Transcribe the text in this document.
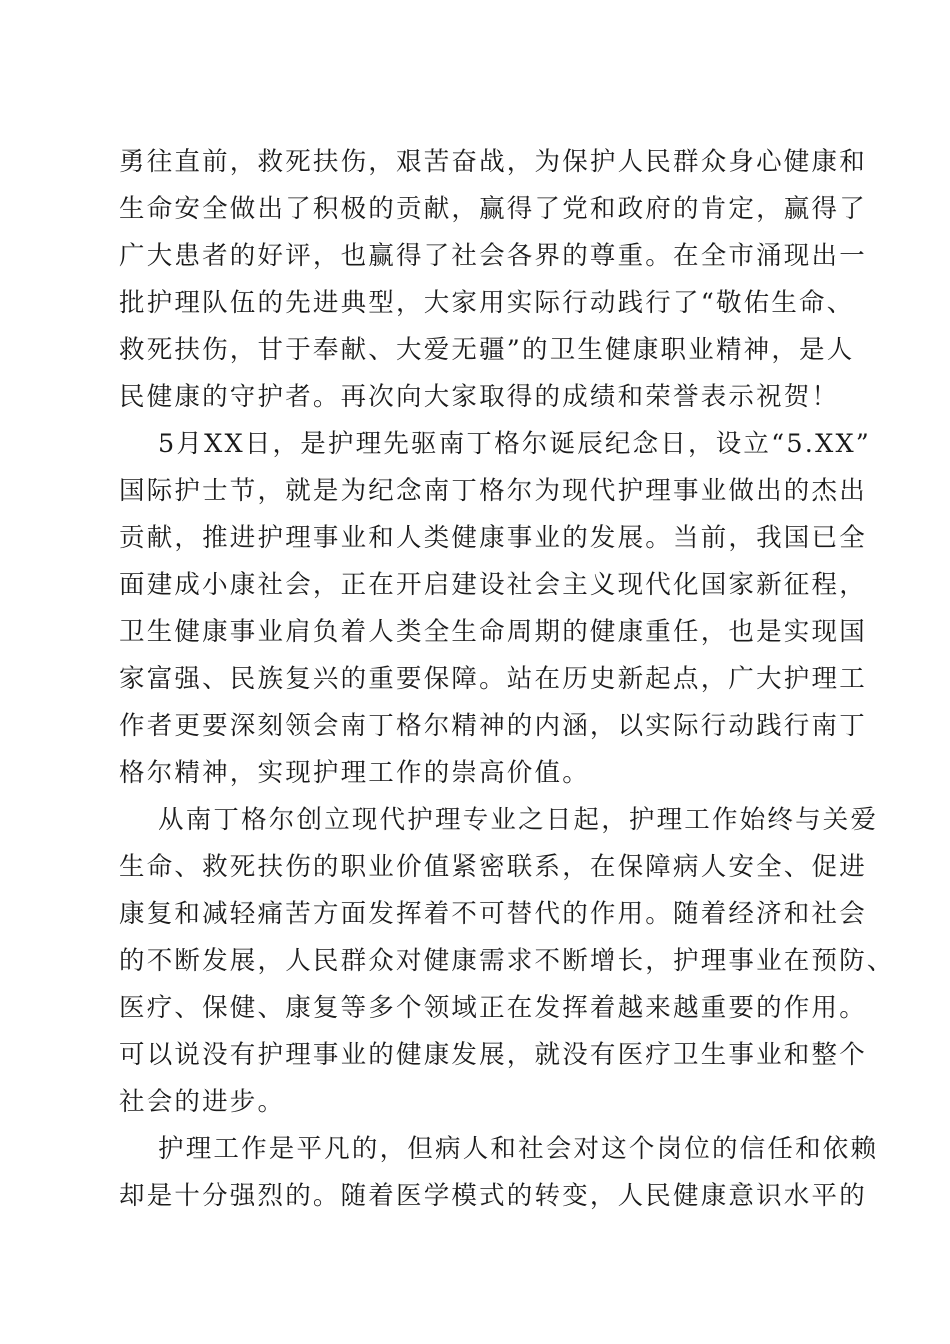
勇往直前，救死扶伤，艰苦奋战，为保护人民群众身心健康和
生命安全做出了积极的贡献，赢得了党和政府的肯定，赢得了
广大患者的好评，也赢得了社会各界的尊重。在全市涌现出一
批护理队伍的先进典型，大家用实际行动践行了“敬佑生命、
救死扶伤，甘于奉献、大爱无疆”的卫生健康职业精神，是人
民健康的守护者。再次向大家取得的成绩和荣誉表示祝贺！
5月XX日，是护理先驱南丁格尔诞辰纪念日，设立“5.XX”
国际护士节，就是为纪念南丁格尔为现代护理事业做出的杰出
贡献，推进护理事业和人类健康事业的发展。当前，我国已全
面建成小康社会，正在开启建设社会主义现代化国家新征程，
卫生健康事业肩负着人类全生命周期的健康重任，也是实现国
家富强、民族复兴的重要保障。站在历史新起点，广大护理工
作者更要深刻领会南丁格尔精神的内涵，以实际行动践行南丁
格尔精神，实现护理工作的崇高价值。
从南丁格尔创立现代护理专业之日起，护理工作始终与关爱
生命、救死扶伤的职业价值紧密联系，在保障病人安全、促进
康复和减轻痛苦方面发挥着不可替代的作用。随着经济和社会
的不断发展，人民群众对健康需求不断增长，护理事业在预防、
医疗、保健、康复等多个领域正在发挥着越来越重要的作用。
可以说没有护理事业的健康发展，就没有医疗卫生事业和整个
社会的进步。
护理工作是平凡的，但病人和社会对这个岗位的信任和依赖
却是十分强烈的。随着医学模式的转变，人民健康意识水平的
